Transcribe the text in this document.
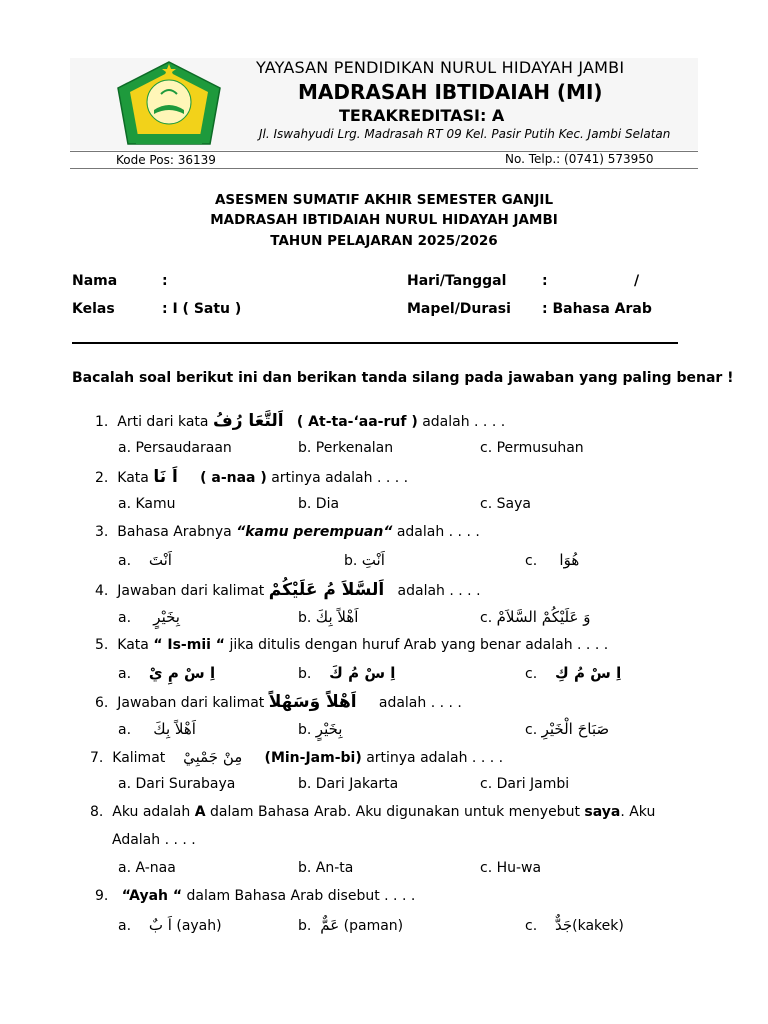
YAYASAN PENDIDIKAN NURUL HIDAYAH JAMBI
MADRASAH IBTIDAIAH (MI)
TERAKREDITASI: A
Jl. Iswahyudi Lrg. Madrasah RT 09 Kel. Pasir Putih Kec. Jambi Selatan
Kode Pos: 36139	No. Telp.: (0741) 573950
ASESMEN SUMATIF AKHIR SEMESTER GANJIL
MADRASAH IBTIDAIAH NURUL HIDAYAH JAMBI
TAHUN PELAJARAN 2025/2026
Nama	:
Kelas	: I ( Satu )
Hari/Tanggal	:	/
Mapel/Durasi : Bahasa Arab
Bacalah soal berikut ini dan berikan tanda silang pada jawaban yang paling benar !
1. Arti dari kata اَلتَّعَا رُفُ ( At-ta-‘aa-ruf ) adalah . . . .
a. Persaudaraan	b. Perkenalan	c. Permusuhan
2. Kata اَ نَا ( a-naa ) artinya adalah . . . .
a. Kamu	b. Dia	c. Saya
3. Bahasa Arabnya “kamu perempuan“ adalah . . . .
a. اَنْتَ	b. اَنْتِ	c. هُوَا
4. Jawaban dari kalimat اَلسَّلاَ مُ عَلَيْكُمْ   adalah . . . .
a. بِخَيْرٍ	b. اَهْلاً بِكَ	c. وَ عَلَيْكُمْ السَّلاَمْ
5. Kata “ Is-mii “ jika ditulis dengan huruf Arab yang benar adalah . . . .
a. اِ سْ مِ يْ	b. اِ سْ مُ كَ	c. اِ سْ مُ كِ
6. Jawaban dari kalimat اَهْلاً وَسَهْلاً     adalah . . . .
a. اَهْلاً بِكَ	b. بِخَيْرٍ	c. صَبَاحَ الْخَيْرِ
7. Kalimat    مِنْ جَمْبِيْ (Min-Jam-bi) artinya adalah . . . .
a. Dari Surabaya	b. Dari Jakarta	c. Dari Jambi
8. Aku adalah A dalam Bahasa Arab. Aku digunakan untuk menyebut saya. Aku
Adalah . . . .
a. A-naa	b. An-ta	c. Hu-wa
9. “Ayah “ dalam Bahasa Arab disebut . . . .
a. اَ بٌ (ayah)	b. عَمٌّ (paman)	c. جَدٌّ(kakek)
